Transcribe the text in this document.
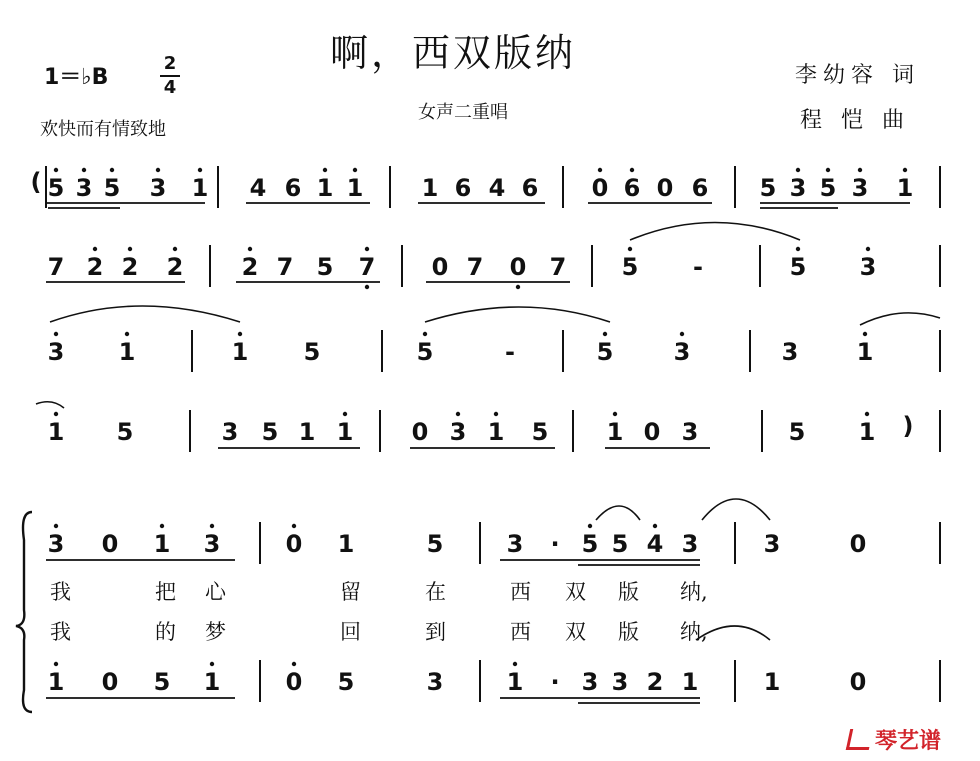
啊，西双版纳
1＝♭B
2
4
欢快而有情致地
女声二重唱
李幼容 词
程 恺 曲
5 3 5 3 1 4 6 1 1 1 6 4 6 0 6 0 6 5 3 5 3 1
(
7 2 2 2 2 7 5 7 0 7 0 7 5 -	5 3
3 1	1 5	5	-	5	3	3 1
1 5	3 5 1 1 0 3 1 5 1 0 3	5 1 )
3 0 1 3	0 1	5	3 · 5 5 4 3	3	0
1 0 5 1	0 5	3	1 · 3 3 2 1	1	0
我	把 心	留	在	西 双 版 纳,
我	的 梦	回	到	西 双 版 纳,
琴艺谱
